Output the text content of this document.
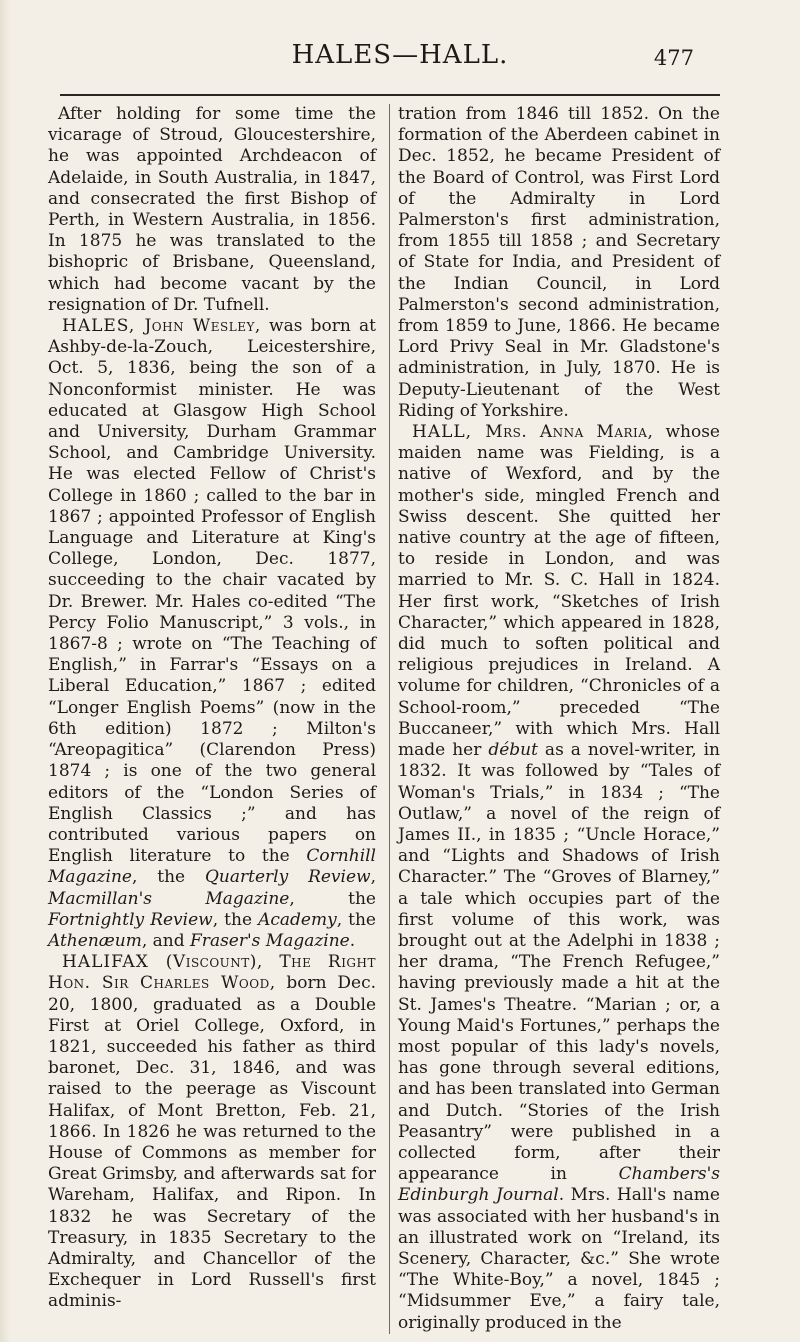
HALES—HALL.	477

After holding for some time the vicarage of Stroud, Gloucestershire, he was appointed Archdeacon of Adelaide, in South Australia, in 1847, and consecrated the first Bishop of Perth, in Western Australia, in 1856. In 1875 he was translated to the bishopric of Brisbane, Queensland, which had become vacant by the resignation of Dr. Tufnell.

HALES, John Wesley, was born at Ashby-de-la-Zouch, Leicestershire, Oct. 5, 1836, being the son of a Nonconformist minister. He was educated at Glasgow High School and University, Durham Grammar School, and Cambridge University. He was elected Fellow of Christ's College in 1860 ; called to the bar in 1867 ; appointed Professor of English Language and Literature at King's College, London, Dec. 1877, succeeding to the chair vacated by Dr. Brewer. Mr. Hales co-edited “The Percy Folio Manuscript,” 3 vols., in 1867-8 ; wrote on “The Teaching of English,” in Farrar's “Essays on a Liberal Education,” 1867 ; edited “Longer English Poems” (now in the 6th edition) 1872 ; Milton's “Areopagitica” (Clarendon Press) 1874 ; is one of the two general editors of the “London Series of English Classics ;” and has contributed various papers on English literature to the Cornhill Magazine, the Quarterly Review, Macmillan's Magazine, the Fortnightly Review, the Academy, the Athenæum, and Fraser's Magazine.

HALIFAX (Viscount), The Right Hon. Sir Charles Wood, born Dec. 20, 1800, graduated as a Double First at Oriel College, Oxford, in 1821, succeeded his father as third baronet, Dec. 31, 1846, and was raised to the peerage as Viscount Halifax, of Mont Bretton, Feb. 21, 1866. In 1826 he was returned to the House of Commons as member for Great Grimsby, and afterwards sat for Wareham, Halifax, and Ripon. In 1832 he was Secretary of the Treasury, in 1835 Secretary to the Admiralty, and Chancellor of the Exchequer in Lord Russell's first adminis-

tration from 1846 till 1852. On the formation of the Aberdeen cabinet in Dec. 1852, he became President of the Board of Control, was First Lord of the Admiralty in Lord Palmerston's first administration, from 1855 till 1858 ; and Secretary of State for India, and President of the Indian Council, in Lord Palmerston's second administration, from 1859 to June, 1866. He became Lord Privy Seal in Mr. Gladstone's administration, in July, 1870. He is Deputy-Lieutenant of the West Riding of Yorkshire.

HALL, Mrs. Anna Maria, whose maiden name was Fielding, is a native of Wexford, and by the mother's side, mingled French and Swiss descent. She quitted her native country at the age of fifteen, to reside in London, and was married to Mr. S. C. Hall in 1824. Her first work, “Sketches of Irish Character,” which appeared in 1828, did much to soften political and religious prejudices in Ireland. A volume for children, “Chronicles of a School-room,” preceded “The Buccaneer,” with which Mrs. Hall made her début as a novel-writer, in 1832. It was followed by “Tales of Woman's Trials,” in 1834 ; “The Outlaw,” a novel of the reign of James II., in 1835 ; “Uncle Horace,” and “Lights and Shadows of Irish Character.” The “Groves of Blarney,” a tale which occupies part of the first volume of this work, was brought out at the Adelphi in 1838 ; her drama, “The French Refugee,” having previously made a hit at the St. James's Theatre. “Marian ; or, a Young Maid's Fortunes,” perhaps the most popular of this lady's novels, has gone through several editions, and has been translated into German and Dutch. “Stories of the Irish Peasantry” were published in a collected form, after their appearance in Chambers's Edinburgh Journal. Mrs. Hall's name was associated with her husband's in an illustrated work on “Ireland, its Scenery, Character, &c.” She wrote “The White-Boy,” a novel, 1845 ; “Midsummer Eve,” a fairy tale, originally produced in the
